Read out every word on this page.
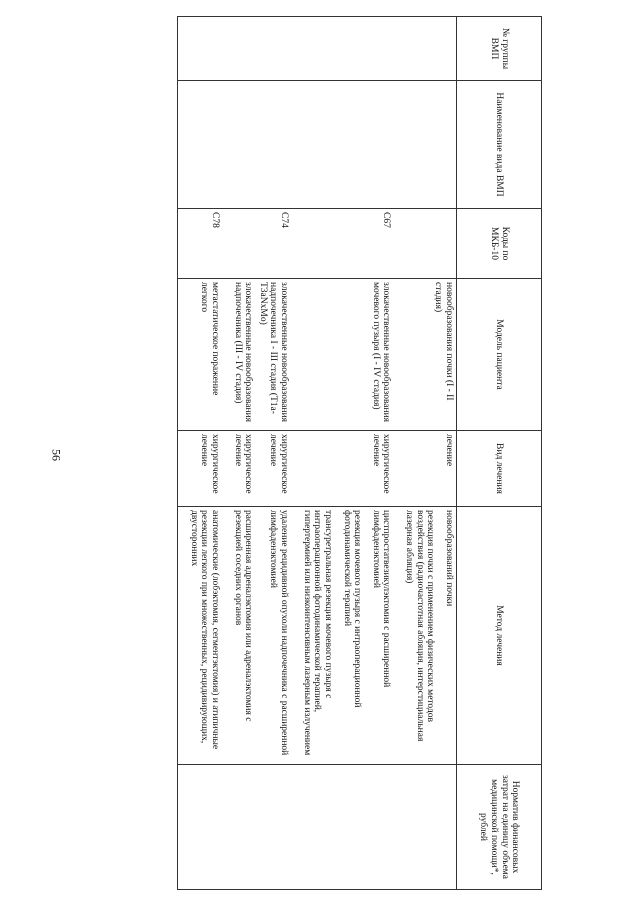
56
№ группы ВМП	Наименование вида ВМП	Коды по МКБ-10	Модель пациента	Вид лечения	Метод лечения	Норматив финансовых затрат на единицу объема медицинской помощи*, рублей
			новообразования почки (I - II стадия)	лечение	новообразований почки
резекция почки с применением физических методов воздействия (радиочастотная абляция, интерстициальная лазерная абляция)	

		C67	злокачественные новообразования мочевого пузыря (I - IV стадия)	хирургическое лечение	цистпростатвезикулэктомия с расширенной лимфаденэктомией
резекция мочевого пузыря с интраоперационной фотодинамической терапией
трансуретральная резекция мочевого пузыря с интраоперационной фотодинамической терапией, гипертермией или низкоинтенсивным лазерным излучением	

		C74	злокачественные новообразования надпочечника I - III стадия (T1a-T3aNxMo)	хирургическое лечение	удаление рецидивной опухоли надпочечника с расширенной лимфаденэктомией	

			злокачественные новообразования надпочечника (III - IV стадия)	хирургическое лечение	расширенная адреналэктомия или адреналэктомия с резекцией соседних органов	

		C78	метастатическое поражение легкого	хирургическое лечение	анатомические (лобэктомия, сегментэктомия) и атипичные резекции легкого при множественных, рецидивирующих, двусторонних	
